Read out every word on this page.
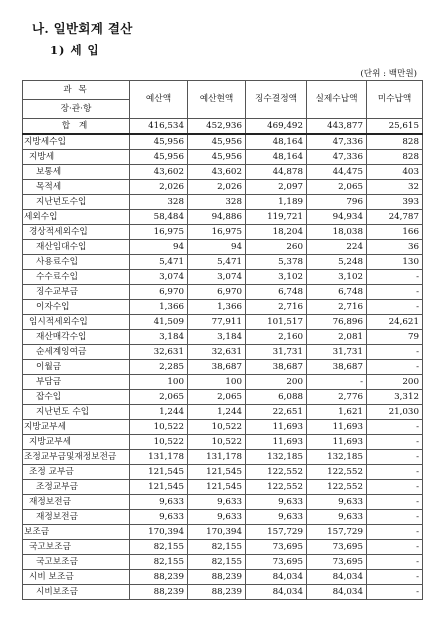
나. 일반회계 결산
1) 세 입
(단위 : 백만원)
과 목
장·관·항	예산액	예산현액	징수결정액	실제수납액	미수납액
합 계	416,534	452,936	469,492	443,877	25,615
지방세수입	45,956	45,956	48,164	47,336	828
지방세	45,956	45,956	48,164	47,336	828
보통세	43,602	43,602	44,878	44,475	403
목적세	2,026	2,026	2,097	2,065	32
지난년도수입	328	328	1,189	796	393
세외수입	58,484	94,886	119,721	94,934	24,787
경상적세외수입	16,975	16,975	18,204	18,038	166
재산임대수입	94	94	260	224	36
사용료수입	5,471	5,471	5,378	5,248	130
수수료수입	3,074	3,074	3,102	3,102	-
징수교부금	6,970	6,970	6,748	6,748	-
이자수입	1,366	1,366	2,716	2,716	-
임시적세외수입	41,509	77,911	101,517	76,896	24,621
재산매각수입	3,184	3,184	2,160	2,081	79
순세계잉여금	32,631	32,631	31,731	31,731	-
이월금	2,285	38,687	38,687	38,687	-
부담금	100	100	200	-	200
잡수입	2,065	2,065	6,088	2,776	3,312
지난년도 수입	1,244	1,244	22,651	1,621	21,030
지방교부세	10,522	10,522	11,693	11,693	-
지방교부세	10,522	10,522	11,693	11,693	-
조정교부금및재정보전금	131,178	131,178	132,185	132,185	-
조정 교부금	121,545	121,545	122,552	122,552	-
조정교부금	121,545	121,545	122,552	122,552	-
재정보전금	9,633	9,633	9,633	9,633	-
재정보전금	9,633	9,633	9,633	9,633	-
보조금	170,394	170,394	157,729	157,729	-
국고보조금	82,155	82,155	73,695	73,695	-
국고보조금	82,155	82,155	73,695	73,695	-
시비 보조금	88,239	88,239	84,034	84,034	-
시비보조금	88,239	88,239	84,034	84,034	-
